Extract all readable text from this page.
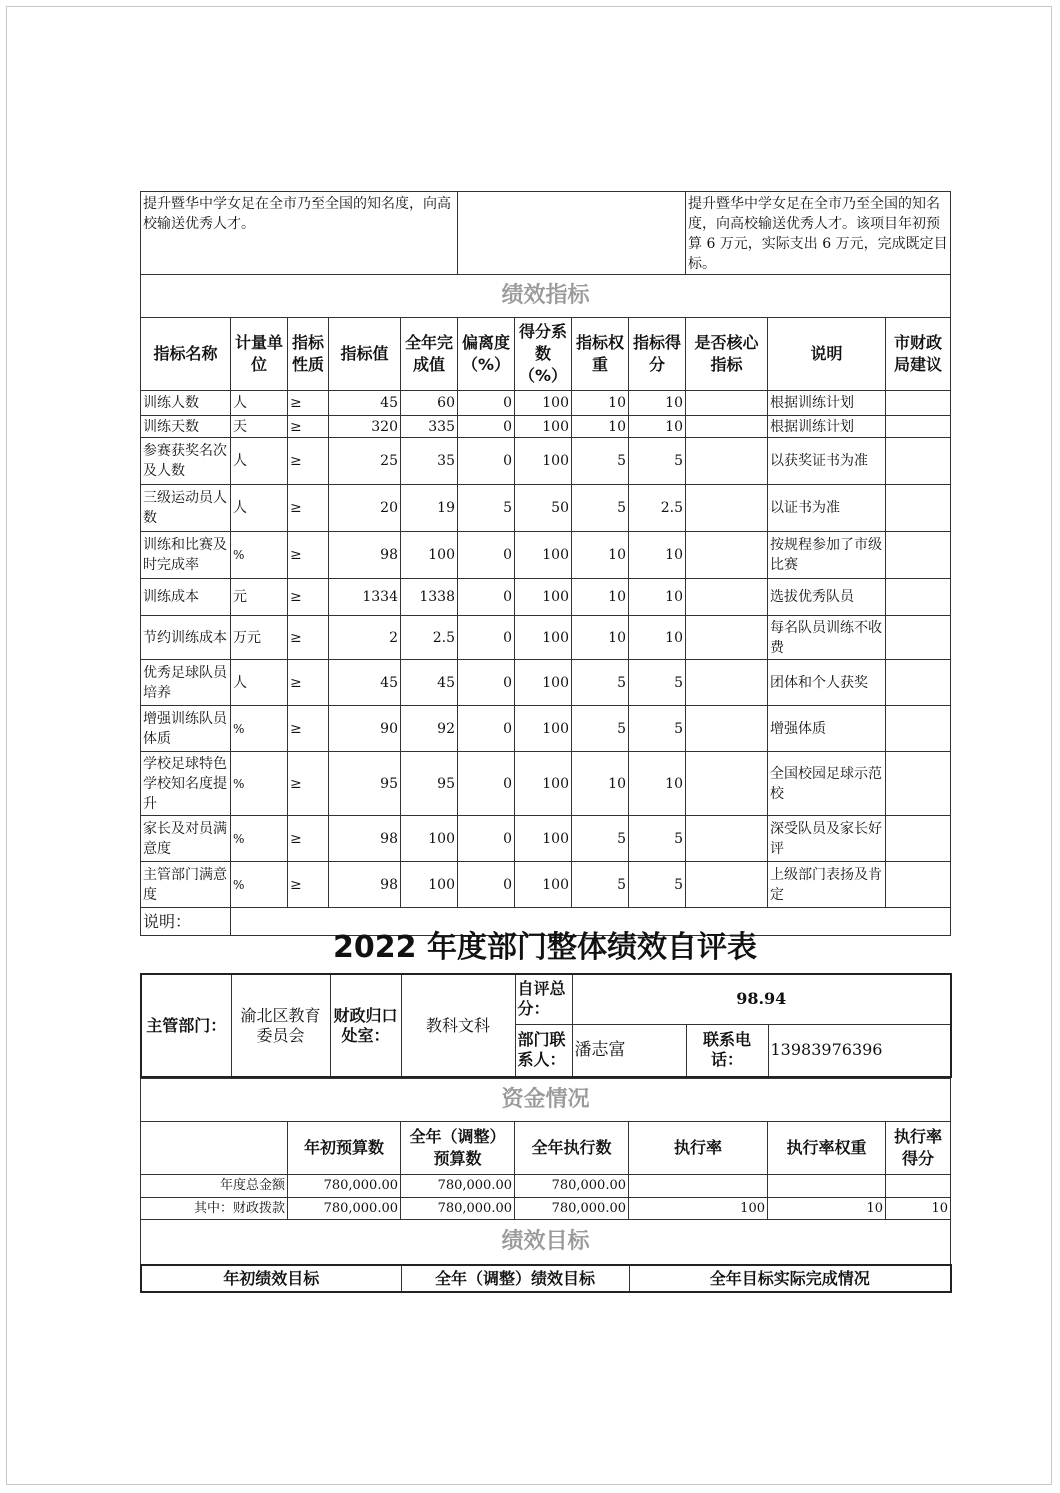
提升暨华中学女足在全市乃至全国的知名度，向高校输送优秀人才。									提升暨华中学女足在全市乃至全国的知名度，向高校输送优秀人才。该项目年初预算 6 万元，实际支出 6 万元，完成既定目标。		
绩效指标											
指标名称	计量单位	指标性质	指标值	全年完成值	偏离度（%）	得分系数（%）	指标权重	指标得分	是否核心指标	说明	市财政局建议
训练人数	人	≥	45	60	0	100	10	10		根据训练计划	
训练天数	天	≥	320	335	0	100	10	10		根据训练计划	
参赛获奖名次及人数	人	≥	25	35	0	100	5	5		以获奖证书为准	
三级运动员人数	人	≥	20	19	5	50	5	2.5		以证书为准	
训练和比赛及时完成率	%	≥	98	100	0	100	10	10		按规程参加了市级比赛	
训练成本	元	≥	1334	1338	0	100	10	10		选拔优秀队员	
节约训练成本	万元	≥	2	2.5	0	100	10	10		每名队员训练不收费	
优秀足球队员培养	人	≥	45	45	0	100	5	5		团体和个人获奖	
增强训练队员体质	%	≥	90	92	0	100	5	5		增强体质	
学校足球特色学校知名度提升	%	≥	95	95	0	100	10	10		全国校园足球示范校	
家长及对员满意度	%	≥	98	100	0	100	5	5		深受队员及家长好评	
主管部门满意度	%	≥	98	100	0	100	5	5		上级部门表扬及肯定	
说明：											
2022 年度部门整体绩效自评表
主管部门：	渝北区教育委员会	财政归口处室：	教科文科	自评总分：	98.94		
				部门联系人：	潘志富	联系电话：	13983976396
资金情况						
	年初预算数	全年（调整）预算数	全年执行数	执行率	执行率权重	执行率得分
年度总金额	780,000.00	780,000.00	780,000.00			
其中：财政拨款	780,000.00	780,000.00	780,000.00	100	10	10
绩效目标						
年初绩效目标	全年（调整）绩效目标	全年目标实际完成情况
